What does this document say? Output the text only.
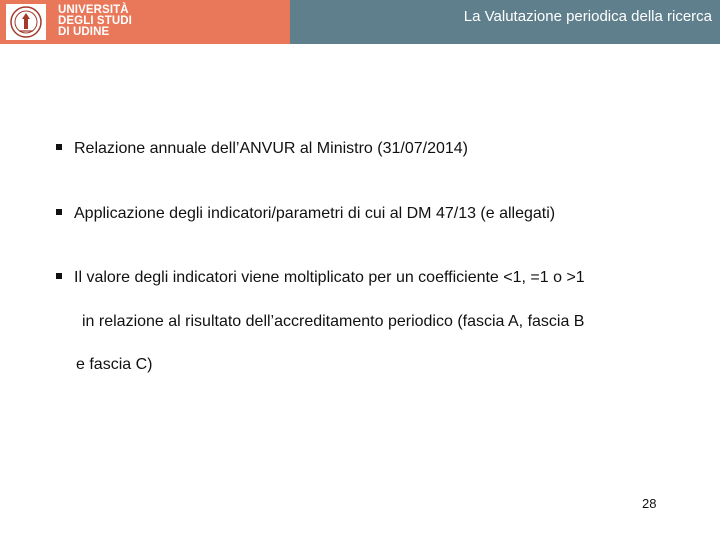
UNIVERSITÀ
DEGLI STUDI
DI UDINE
La Valutazione periodica della ricerca
Relazione annuale dell’ANVUR al Ministro (31/07/2014)
Applicazione degli indicatori/parametri di cui al DM 47/13 (e allegati)
Il valore degli indicatori viene moltiplicato per un coefficiente <1, =1 o >1
in relazione al risultato dell’accreditamento periodico (fascia A, fascia B
e fascia C)
28
